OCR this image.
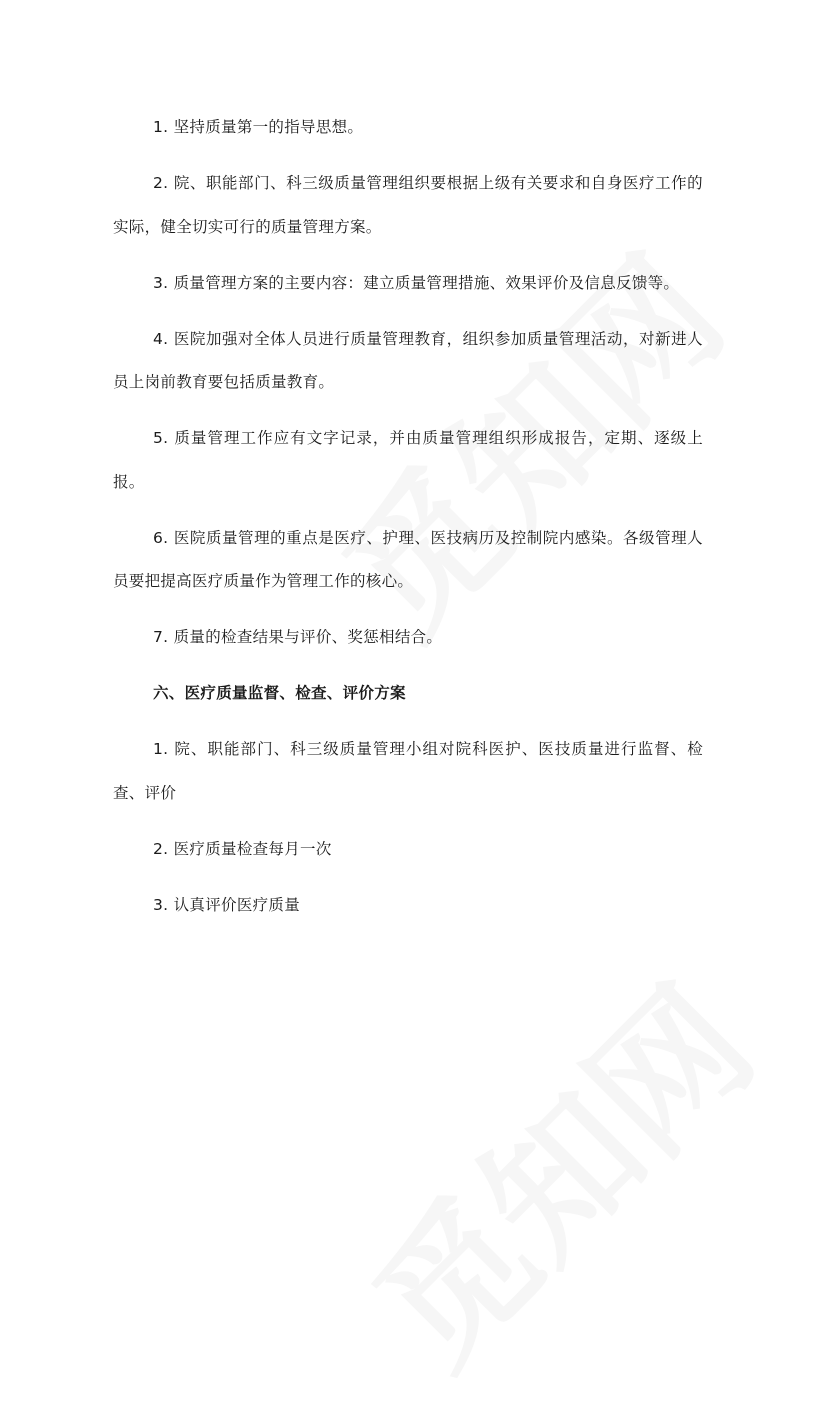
1. 坚持质量第一的指导思想。

2. 院、职能部门、科三级质量管理组织要根据上级有关要求和自身医疗工作的实际，健全切实可行的质量管理方案。

3. 质量管理方案的主要内容：建立质量管理措施、效果评价及信息反馈等。

4. 医院加强对全体人员进行质量管理教育，组织参加质量管理活动，对新进人员上岗前教育要包括质量教育。

5. 质量管理工作应有文字记录，并由质量管理组织形成报告，定期、逐级上报。

6. 医院质量管理的重点是医疗、护理、医技病历及控制院内感染。各级管理人员要把提高医疗质量作为管理工作的核心。

7. 质量的检查结果与评价、奖惩相结合。

六、医疗质量监督、检查、评价方案

1. 院、职能部门、科三级质量管理小组对院科医护、医技质量进行监督、检查、评价

2. 医疗质量检查每月一次

3. 认真评价医疗质量
